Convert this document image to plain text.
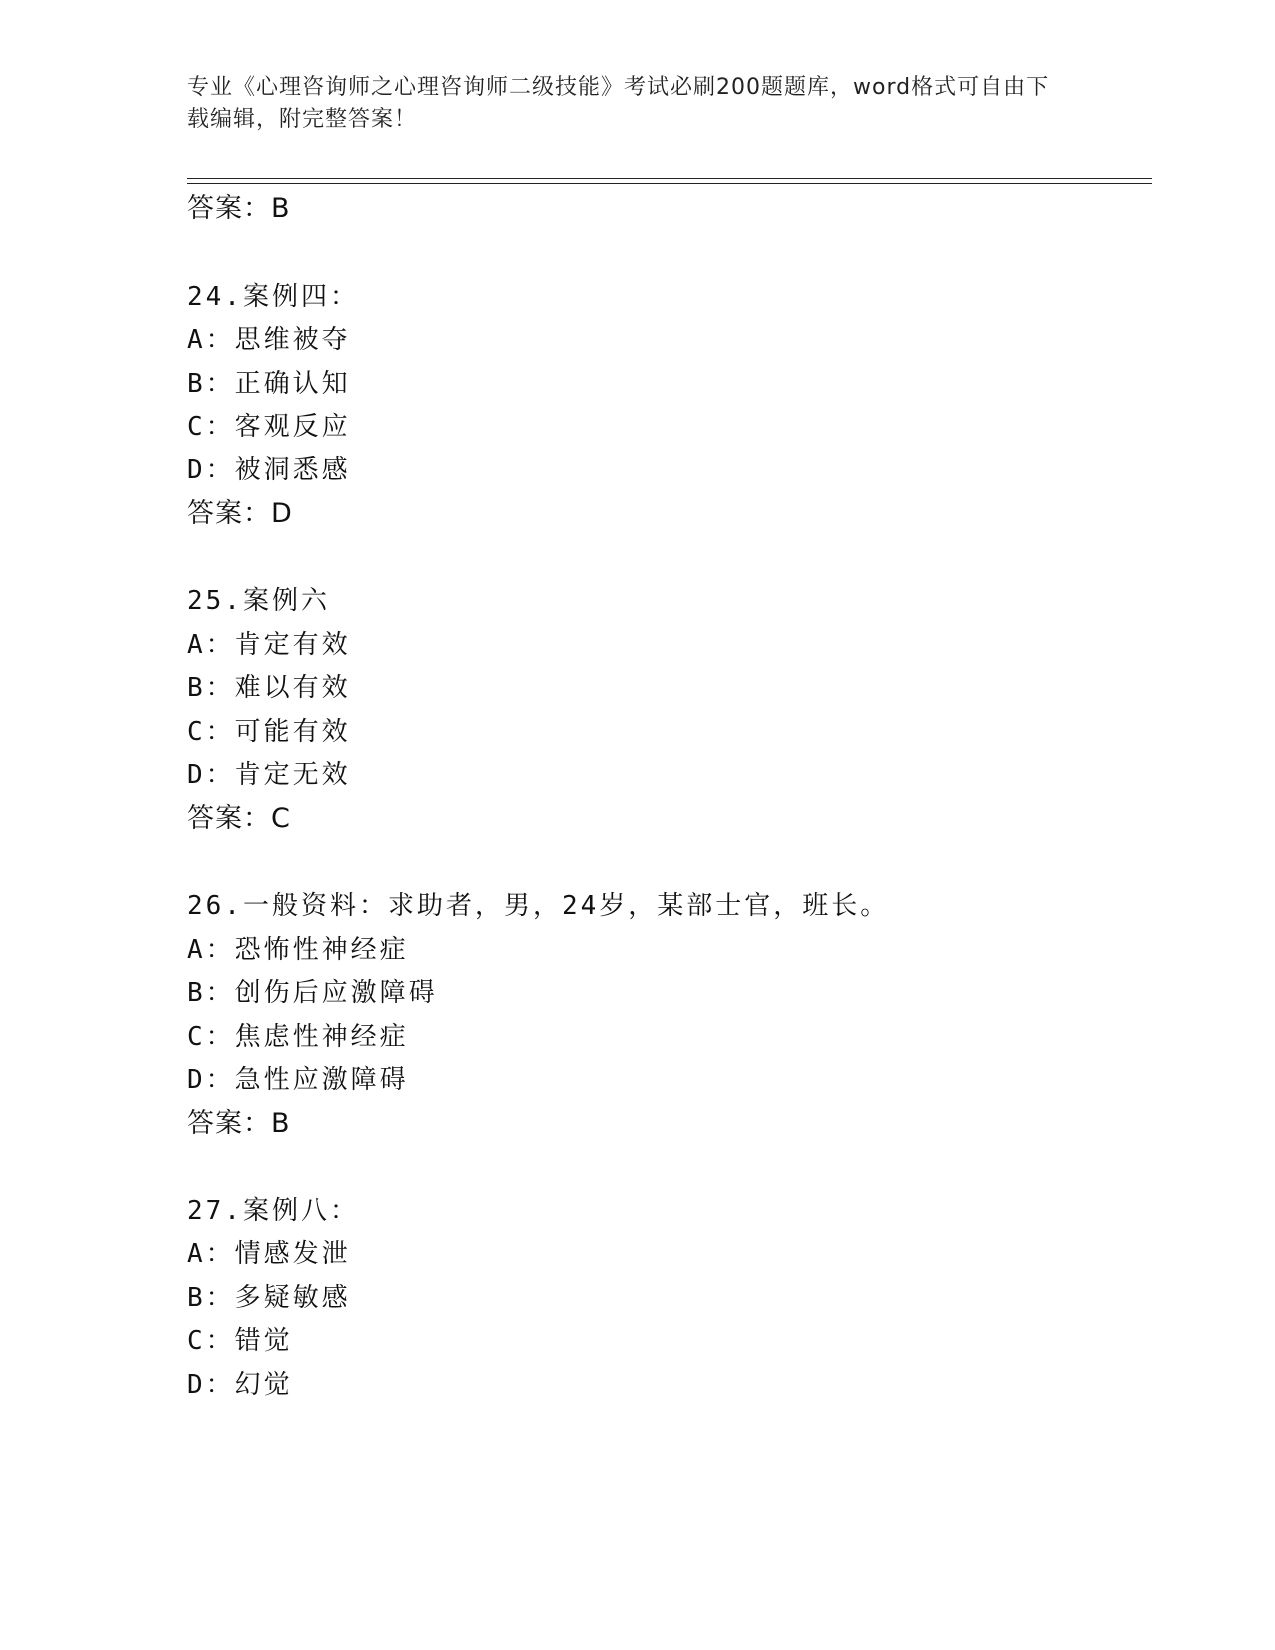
专业《心理咨询师之心理咨询师二级技能》考试必刷200题题库，word格式可自由下载编辑，附完整答案！
答案：B
24.案例四：
A：思维被夺
B：正确认知
C：客观反应
D：被洞悉感
答案：D
25.案例六
A：肯定有效
B：难以有效
C：可能有效
D：肯定无效
答案：C
26.一般资料：求助者，男，24岁，某部士官，班长。
A：恐怖性神经症
B：创伤后应激障碍
C：焦虑性神经症
D：急性应激障碍
答案：B
27.案例八：
A：情感发泄
B：多疑敏感
C：错觉
D：幻觉
